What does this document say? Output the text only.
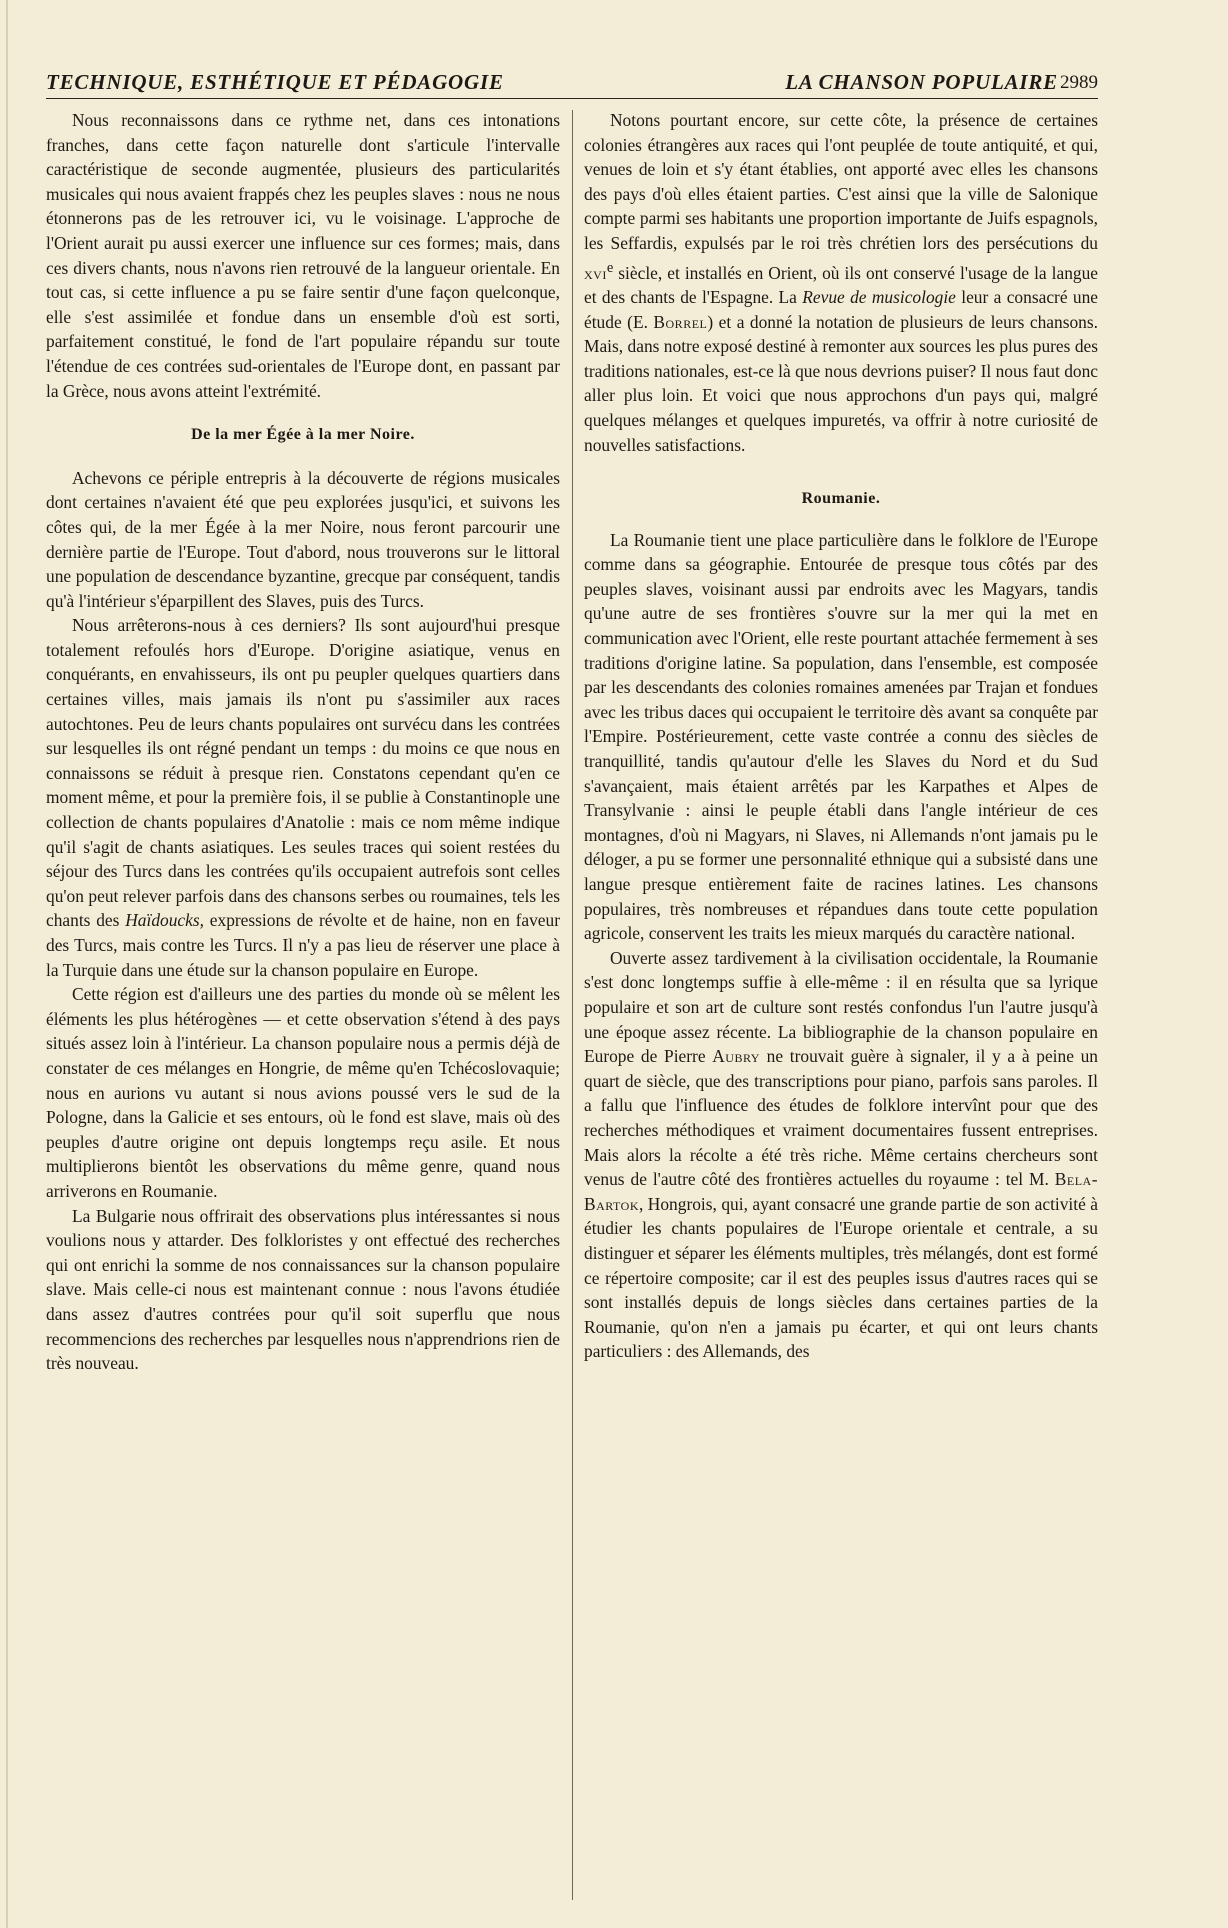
TECHNIQUE, ESTHÉTIQUE ET PÉDAGOGIE	LA CHANSON POPULAIRE 2989

Nous reconnaissons dans ce rythme net, dans ces intonations franches, dans cette façon naturelle dont s'articule l'intervalle caractéristique de seconde augmentée, plusieurs des particularités musicales qui nous avaient frappés chez les peuples slaves : nous ne nous étonnerons pas de les retrouver ici, vu le voisinage. L'approche de l'Orient aurait pu aussi exercer une influence sur ces formes; mais, dans ces divers chants, nous n'avons rien retrouvé de la langueur orientale. En tout cas, si cette influence a pu se faire sentir d'une façon quelconque, elle s'est assimilée et fondue dans un ensemble d'où est sorti, parfaitement constitué, le fond de l'art populaire répandu sur toute l'étendue de ces contrées sud-orientales de l'Europe dont, en passant par la Grèce, nous avons atteint l'extrémité.

De la mer Égée à la mer Noire.

Achevons ce périple entrepris à la découverte de régions musicales dont certaines n'avaient été que peu explorées jusqu'ici, et suivons les côtes qui, de la mer Égée à la mer Noire, nous feront parcourir une dernière partie de l'Europe. Tout d'abord, nous trouverons sur le littoral une population de descendance byzantine, grecque par conséquent, tandis qu'à l'intérieur s'éparpillent des Slaves, puis des Turcs.

Nous arrêterons-nous à ces derniers? Ils sont aujourd'hui presque totalement refoulés hors d'Europe. D'origine asiatique, venus en conquérants, en envahisseurs, ils ont pu peupler quelques quartiers dans certaines villes, mais jamais ils n'ont pu s'assimiler aux races autochtones. Peu de leurs chants populaires ont survécu dans les contrées sur lesquelles ils ont régné pendant un temps : du moins ce que nous en connaissons se réduit à presque rien. Constatons cependant qu'en ce moment même, et pour la première fois, il se publie à Constantinople une collection de chants populaires d'Anatolie : mais ce nom même indique qu'il s'agit de chants asiatiques. Les seules traces qui soient restées du séjour des Turcs dans les contrées qu'ils occupaient autrefois sont celles qu'on peut relever parfois dans des chansons serbes ou roumaines, tels les chants des Haïdoucks, expressions de révolte et de haine, non en faveur des Turcs, mais contre les Turcs. Il n'y a pas lieu de réserver une place à la Turquie dans une étude sur la chanson populaire en Europe.

Cette région est d'ailleurs une des parties du monde où se mêlent les éléments les plus hétérogènes — et cette observation s'étend à des pays situés assez loin à l'intérieur. La chanson populaire nous a permis déjà de constater de ces mélanges en Hongrie, de même qu'en Tchécoslovaquie; nous en aurions vu autant si nous avions poussé vers le sud de la Pologne, dans la Galicie et ses entours, où le fond est slave, mais où des peuples d'autre origine ont depuis longtemps reçu asile. Et nous multiplierons bientôt les observations du même genre, quand nous arriverons en Roumanie.

La Bulgarie nous offrirait des observations plus intéressantes si nous voulions nous y attarder. Des folkloristes y ont effectué des recherches qui ont enrichi la somme de nos connaissances sur la chanson populaire slave. Mais celle-ci nous est maintenant connue : nous l'avons étudiée dans assez d'autres contrées pour qu'il soit superflu que nous recommencions des recherches par lesquelles nous n'apprendrions rien de très nouveau.

Notons pourtant encore, sur cette côte, la présence de certaines colonies étrangères aux races qui l'ont peuplée de toute antiquité, et qui, venues de loin et s'y étant établies, ont apporté avec elles les chansons des pays d'où elles étaient parties. C'est ainsi que la ville de Salonique compte parmi ses habitants une proportion importante de Juifs espagnols, les Seffardis, expulsés par le roi très chrétien lors des persécutions du xvi$^e$ siècle, et installés en Orient, où ils ont conservé l'usage de la langue et des chants de l'Espagne. La Revue de musicologie leur a consacré une étude (E. Borrel) et a donné la notation de plusieurs de leurs chansons. Mais, dans notre exposé destiné à remonter aux sources les plus pures des traditions nationales, est-ce là que nous devrions puiser? Il nous faut donc aller plus loin. Et voici que nous approchons d'un pays qui, malgré quelques mélanges et quelques impuretés, va offrir à notre curiosité de nouvelles satisfactions.

Roumanie.

La Roumanie tient une place particulière dans le folklore de l'Europe comme dans sa géographie. Entourée de presque tous côtés par des peuples slaves, voisinant aussi par endroits avec les Magyars, tandis qu'une autre de ses frontières s'ouvre sur la mer qui la met en communication avec l'Orient, elle reste pourtant attachée fermement à ses traditions d'origine latine. Sa population, dans l'ensemble, est composée par les descendants des colonies romaines amenées par Trajan et fondues avec les tribus daces qui occupaient le territoire dès avant sa conquête par l'Empire. Postérieurement, cette vaste contrée a connu des siècles de tranquillité, tandis qu'autour d'elle les Slaves du Nord et du Sud s'avançaient, mais étaient arrêtés par les Karpathes et Alpes de Transylvanie : ainsi le peuple établi dans l'angle intérieur de ces montagnes, d'où ni Magyars, ni Slaves, ni Allemands n'ont jamais pu le déloger, a pu se former une personnalité ethnique qui a subsisté dans une langue presque entièrement faite de racines latines. Les chansons populaires, très nombreuses et répandues dans toute cette population agricole, conservent les traits les mieux marqués du caractère national.

Ouverte assez tardivement à la civilisation occidentale, la Roumanie s'est donc longtemps suffie à elle-même : il en résulta que sa lyrique populaire et son art de culture sont restés confondus l'un l'autre jusqu'à une époque assez récente. La bibliographie de la chanson populaire en Europe de Pierre Aubry ne trouvait guère à signaler, il y a à peine un quart de siècle, que des transcriptions pour piano, parfois sans paroles. Il a fallu que l'influence des études de folklore intervînt pour que des recherches méthodiques et vraiment documentaires fussent entreprises. Mais alors la récolte a été très riche. Même certains chercheurs sont venus de l'autre côté des frontières actuelles du royaume : tel M. Bela-Bartok, Hongrois, qui, ayant consacré une grande partie de son activité à étudier les chants populaires de l'Europe orientale et centrale, a su distinguer et séparer les éléments multiples, très mélangés, dont est formé ce répertoire composite; car il est des peuples issus d'autres races qui se sont installés depuis de longs siècles dans certaines parties de la Roumanie, qu'on n'en a jamais pu écarter, et qui ont leurs chants particuliers : des Allemands, des
